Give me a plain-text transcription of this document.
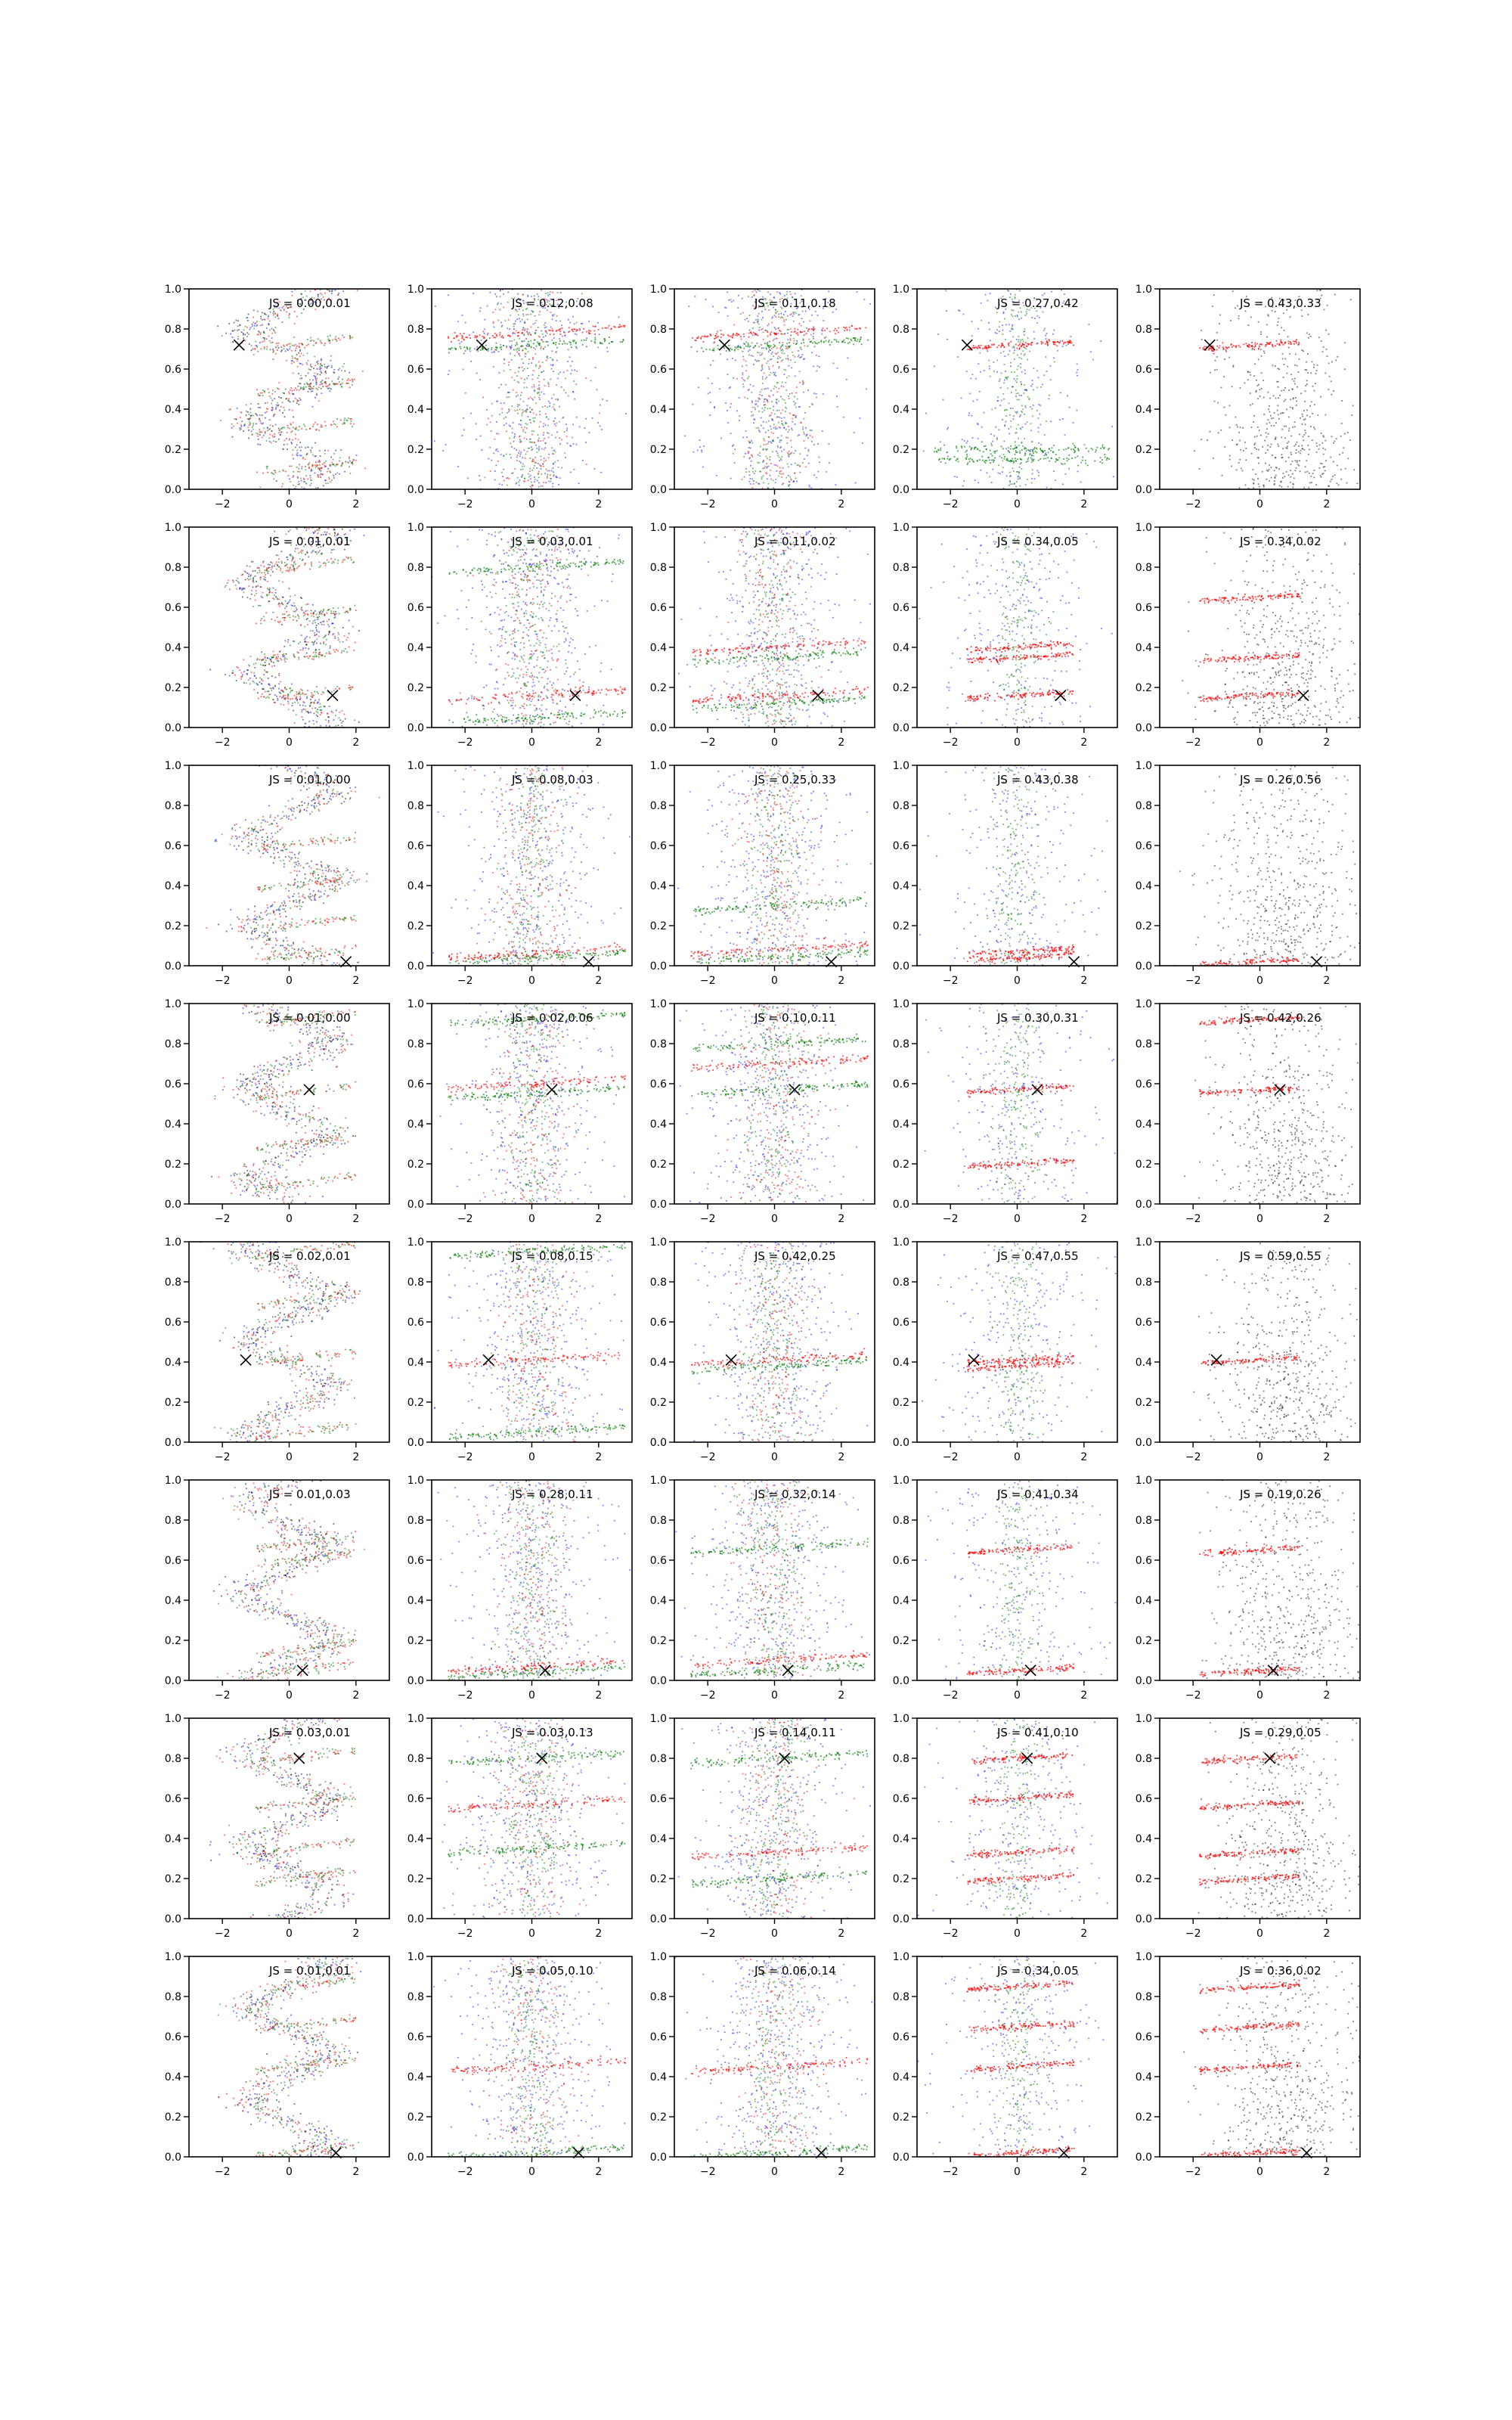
−2	0	2
0.0
0.2
0.4
0.6
0.8
1.0
JS = 0.00,0.01
−2	0	2
0.0
0.2
0.4
0.6
0.8
1.0
JS = 0.12,0.08
−2	0	2
0.0
0.2
0.4
0.6
0.8
1.0
JS = 0.11,0.18
−2	0	2
0.0
0.2
0.4
0.6
0.8
1.0
JS = 0.27,0.42
−2	0	2
0.0
0.2
0.4
0.6
0.8
1.0
JS = 0.43,0.33
−2	0	2
0.0
0.2
0.4
0.6
0.8
1.0
JS = 0.01,0.01
−2	0	2
0.0
0.2
0.4
0.6
0.8
1.0
JS = 0.03,0.01
−2	0	2
0.0
0.2
0.4
0.6
0.8
1.0
JS = 0.11,0.02
−2	0	2
0.0
0.2
0.4
0.6
0.8
1.0
JS = 0.34,0.05
−2	0	2
0.0
0.2
0.4
0.6
0.8
1.0
JS = 0.34,0.02
−2	0	2
0.0
0.2
0.4
0.6
0.8
1.0
JS = 0.01,0.00
−2	0	2
0.0
0.2
0.4
0.6
0.8
1.0
JS = 0.08,0.03
−2	0	2
0.0
0.2
0.4
0.6
0.8
1.0
JS = 0.25,0.33
−2	0	2
0.0
0.2
0.4
0.6
0.8
1.0
JS = 0.43,0.38
−2	0	2
0.0
0.2
0.4
0.6
0.8
1.0
JS = 0.26,0.56
−2	0	2
0.0
0.2
0.4
0.6
0.8
1.0
JS = 0.01,0.00
−2	0	2
0.0
0.2
0.4
0.6
0.8
1.0
JS = 0.02,0.06
−2	0	2
0.0
0.2
0.4
0.6
0.8
1.0
JS = 0.10,0.11
−2	0	2
0.0
0.2
0.4
0.6
0.8
1.0
JS = 0.30,0.31
−2	0	2
0.0
0.2
0.4
0.6
0.8
1.0
JS = 0.42,0.26
−2	0	2
0.0
0.2
0.4
0.6
0.8
1.0
JS = 0.02,0.01
−2	0	2
0.0
0.2
0.4
0.6
0.8
1.0
JS = 0.08,0.15
−2	0	2
0.0
0.2
0.4
0.6
0.8
1.0
JS = 0.42,0.25
−2	0	2
0.0
0.2
0.4
0.6
0.8
1.0
JS = 0.47,0.55
−2	0	2
0.0
0.2
0.4
0.6
0.8
1.0
JS = 0.59,0.55
−2	0	2
0.0
0.2
0.4
0.6
0.8
1.0
JS = 0.01,0.03
−2	0	2
0.0
0.2
0.4
0.6
0.8
1.0
JS = 0.28,0.11
−2	0	2
0.0
0.2
0.4
0.6
0.8
1.0
JS = 0.32,0.14
−2	0	2
0.0
0.2
0.4
0.6
0.8
1.0
JS = 0.41,0.34
−2	0	2
0.0
0.2
0.4
0.6
0.8
1.0
JS = 0.19,0.26
−2	0	2
0.0
0.2
0.4
0.6
0.8
1.0
JS = 0.03,0.01
−2	0	2
0.0
0.2
0.4
0.6
0.8
1.0
JS = 0.03,0.13
−2	0	2
0.0
0.2
0.4
0.6
0.8
1.0
JS = 0.14,0.11
−2	0	2
0.0
0.2
0.4
0.6
0.8
1.0
JS = 0.41,0.10
−2	0	2
0.0
0.2
0.4
0.6
0.8
1.0
JS = 0.29,0.05
−2	0	2
0.0
0.2
0.4
0.6
0.8
1.0
JS = 0.01,0.01
−2	0	2
0.0
0.2
0.4
0.6
0.8
1.0
JS = 0.05,0.10
−2	0	2
0.0
0.2
0.4
0.6
0.8
1.0
JS = 0.06,0.14
−2	0	2
0.0
0.2
0.4
0.6
0.8
1.0
JS = 0.34,0.05
−2	0	2
0.0
0.2
0.4
0.6
0.8
1.0
JS = 0.36,0.02
